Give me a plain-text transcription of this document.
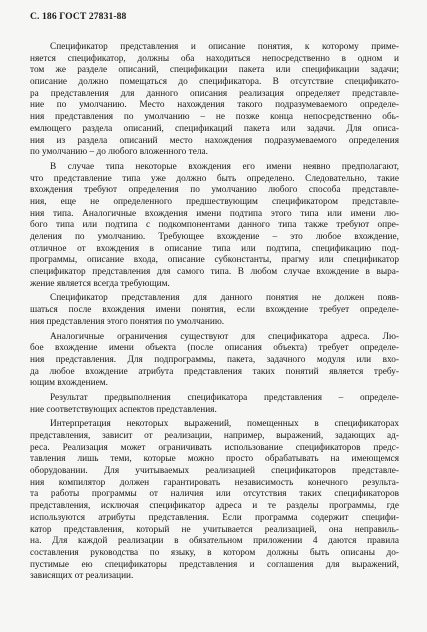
С. 186 ГОСТ 27831-88
Спецификатор представления и описание понятия, к которому приме-
няется спецификатор, должны оба находиться непосредственно в одном и
том же разделе описаний, спецификации пакета или спецификации задачи;
описание должно помещаться до спецификатора. В отсутствие спецификато-
ра представления для данного описания реализация определяет представле-
ние по умолчанию. Место нахождения такого подразумеваемого определе-
ния представления по умолчанию – не позже конца непосредственно обь-
емлющего раздела описаний, спецификаций пакета или задачи. Для описа-
ния из раздела описаний место нахождения подразумеваемого определения
по умолчанию – до любого вложенного тела.
В случае типа некоторые вхождения его имени неявно предполагают,
что представление типа уже должно быть определено. Следовательно, такие
вхождения требуют определения по умолчанию любого способа представле-
ния, еще не определенного предшествующим спецификатором представле-
ния типа. Аналогичные вхождения имени подтипа этого типа или имени лю-
бого типа или подтипа с подкомпонентами данного типа также требуют опре-
деления по умолчанию. Требующее вхождение – это любое вхождение,
отличное от вхождения в описание типа или подтипа, спецификацию под-
программы, описание входа, описание субконстанты, прагму или спецификатор
спецификатор представления для самого типа. В любом случае вхождение в выра-
жение является всегда требующим.
Спецификатор представления для данного понятия не должен появ-
шаться после вхождения имени понятия, если вхождение требует определе-
ния представления этого понятия по умолчанию.
Аналогичные ограничения существуют для спецификатора адреса. Лю-
бое вхождение имени объекта (после описания объекта) требует определе-
ния представления. Для подпрограммы, пакета, задачного модуля или вхо-
да любое вхождение атрибута представления таких понятий является требу-
ющим вхождением.
Результат предвыполнения спецификатора представления – определе-
ние соответствующих аспектов представления.
Интерпретация некоторых выражений, помещенных в спецификаторах
представления, зависит от реализации, например, выражений, задающих ад-
реса. Реализация может ограничивать использование спецификаторов предс-
тавления лишь теми, которые можно просто обрабатывать на имеющемся
оборудовании. Для учитываемых реализацией спецификаторов представле-
ния компилятор должен гарантировать независимость конечного результа-
та работы программы от наличия или отсутствия таких спецификаторов
представления, исключая спецификатор адреса и те разделы программы, где
используются атрибуты представления. Если программа содержит специфи-
катор представления, который не учитывается реализацией, она неправиль-
на. Для каждой реализации в обязательном приложении 4 даются правила
составления руководства по языку, в котором должны быть описаны до-
пустимые ею спецификаторы представления и соглашения для выражений,
зависящих от реализации.
